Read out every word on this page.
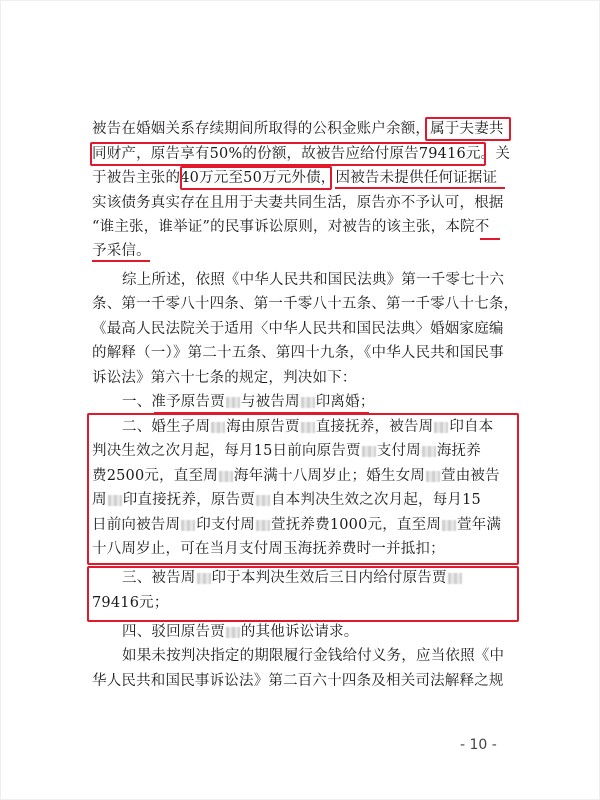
被告在婚姻关系存续期间所取得的公积金账户余额，属于夫妻共
同财产，原告享有50%的份额，故被告应给付原告79416元。关
于被告主张的40万元至50万元外债，因被告未提供任何证据证
实该债务真实存在且用于夫妻共同生活，原告亦不予认可，根据
“谁主张，谁举证”的民事诉讼原则，对被告的该主张，本院不
予采信。
综上所述，依照《中华人民共和国民法典》第一千零七十六
条、第一千零八十四条、第一千零八十五条、第一千零八十七条，
《最高人民法院关于适用〈中华人民共和国民法典〉婚姻家庭编
的解释（一）》第二十五条、第四十九条，《中华人民共和国民事
诉讼法》第六十七条的规定，判决如下：
一、准予原告贾 与被告周 印离婚；
二、婚生子周 海由原告贾 直接抚养，被告周 印自本
判决生效之次月起，每月15日前向原告贾 支付周 海抚养
费2500元，直至周 海年满十八周岁止；婚生女周 萱由被告
周 印直接抚养，原告贾 自本判决生效之次月起，每月15
日前向被告周 印支付周 萱抚养费1000元，直至周 萱年满
十八周岁止，可在当月支付周玉海抚养费时一并抵扣；
三、被告周 印于本判决生效后三日内给付原告贾
79416元；
四、驳回原告贾 的其他诉讼请求。
如果未按判决指定的期限履行金钱给付义务，应当依照《中
华人民共和国民事诉讼法》第二百六十四条及相关司法解释之规
- 10 -
